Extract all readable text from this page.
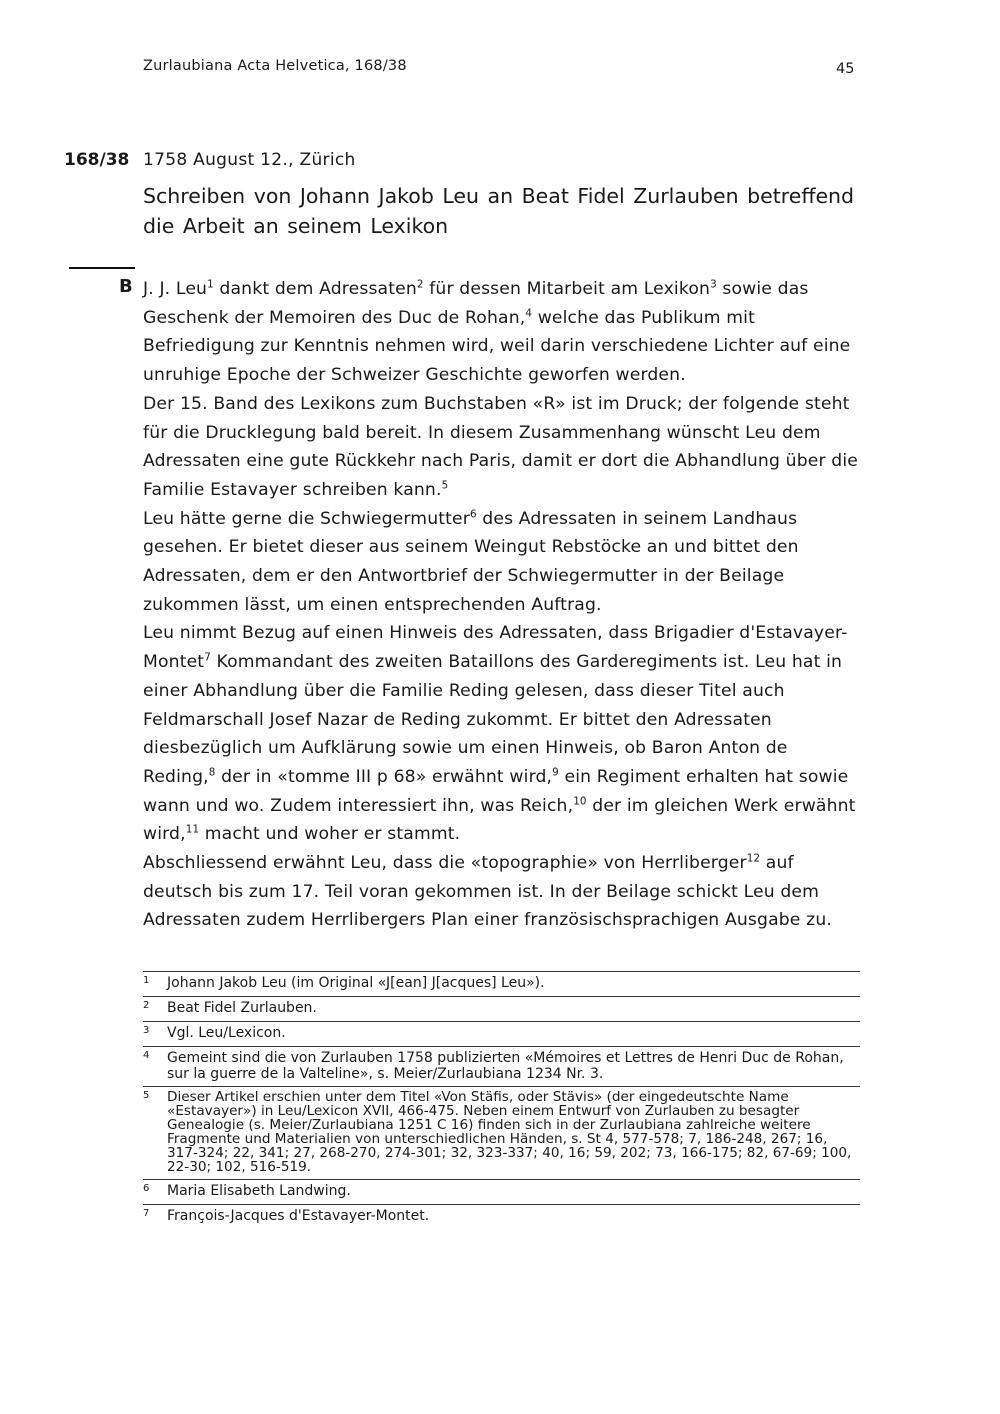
Zurlaubiana Acta Helvetica, 168/38	45
168/38 1758 August 12., Zürich
Schreiben von Johann Jakob Leu an Beat Fidel Zurlauben betreffend die Arbeit an seinem Lexikon
B J. J. Leu$^1$ dankt dem Adressaten$^2$ für dessen Mitarbeit am Lexikon$^3$ sowie das Geschenk der Memoiren des Duc de Rohan,$^4$ welche das Publikum mit Befriedigung zur Kenntnis nehmen wird, weil darin verschiedene Lichter auf eine unruhige Epoche der Schweizer Geschichte geworfen werden.

Der 15. Band des Lexikons zum Buchstaben «R» ist im Druck; der folgende steht für die Drucklegung bald bereit. In diesem Zusammenhang wünscht Leu dem Adressaten eine gute Rückkehr nach Paris, damit er dort die Abhandlung über die Familie Estavayer schreiben kann.$^5$

Leu hätte gerne die Schwiegermutter$^6$ des Adressaten in seinem Landhaus gesehen. Er bietet dieser aus seinem Weingut Rebstöcke an und bittet den Adressaten, dem er den Antwortbrief der Schwiegermutter in der Beilage zukommen lässt, um einen entsprechenden Auftrag.

Leu nimmt Bezug auf einen Hinweis des Adressaten, dass Brigadier d'Estavayer-Montet$^7$ Kommandant des zweiten Bataillons des Garderegiments ist. Leu hat in einer Abhandlung über die Familie Reding gelesen, dass dieser Titel auch Feldmarschall Josef Nazar de Reding zukommt. Er bittet den Adressaten diesbezüglich um Aufklärung sowie um einen Hinweis, ob Baron Anton de Reding,$^8$ der in «tomme III p 68» erwähnt wird,$^9$ ein Regiment erhalten hat sowie wann und wo. Zudem interessiert ihn, was Reich,$^{10}$ der im gleichen Werk erwähnt wird,$^{11}$ macht und woher er stammt.

Abschliessend erwähnt Leu, dass die «topographie» von Herrliberger$^{12}$ auf deutsch bis zum 17. Teil voran gekommen ist. In der Beilage schickt Leu dem Adressaten zudem Herrlibergers Plan einer französischsprachigen Ausgabe zu.

1	Johann Jakob Leu (im Original «J[ean] J[acques] Leu»).
2	Beat Fidel Zurlauben.
3	Vgl. Leu/Lexicon.
4	Gemeint sind die von Zurlauben 1758 publizierten «Mémoires et Lettres de Henri Duc de Rohan, sur la guerre de la Valteline», s. Meier/Zurlaubiana 1234 Nr. 3.
5	Dieser Artikel erschien unter dem Titel «Von Stäfis, oder Stävis» (der eingedeutschte Name «Estavayer») in Leu/Lexicon XVII, 466-475. Neben einem Entwurf von Zurlauben zu besagter Genealogie (s. Meier/Zurlaubiana 1251 C 16) finden sich in der Zurlaubiana zahlreiche weitere Fragmente und Materialien von unterschiedlichen Händen, s. St 4, 577-578; 7, 186-248, 267; 16, 317-324; 22, 341; 27, 268-270, 274-301; 32, 323-337; 40, 16; 59, 202; 73, 166-175; 82, 67-69; 100, 22-30; 102, 516-519.
6	Maria Elisabeth Landwing.
7	François-Jacques d'Estavayer-Montet.
